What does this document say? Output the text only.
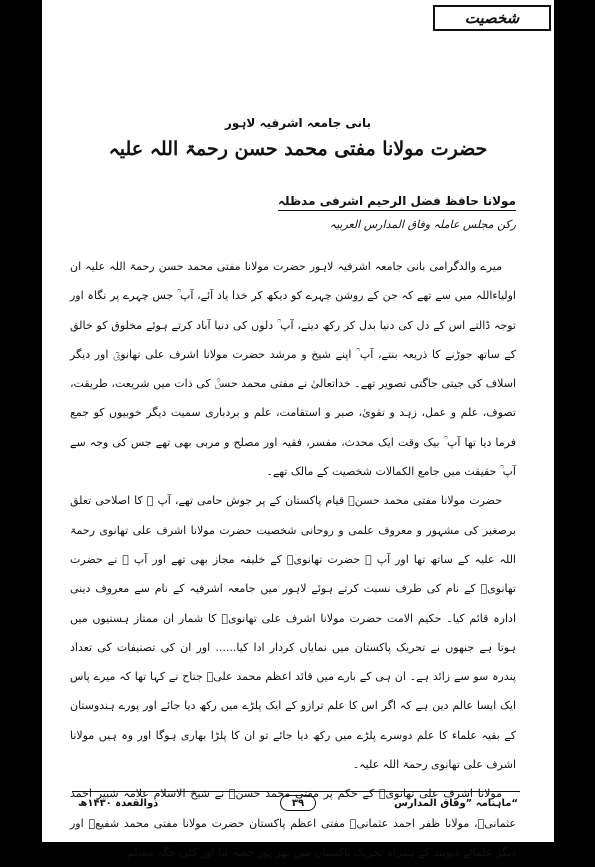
شخصیت
بانی جامعہ اشرفیہ لاہور
حضرت مولانا مفتی محمد حسن رحمۃ اللہ علیہ
مولانا حافظ فضل الرحیم اشرفی مدظلہ
رکن مجلس عاملہ وفاق المدارس العربیہ

میرے والدگرامی بانی جامعہ اشرفیہ لاہور حضرت مولانا مفتی محمد حسن رحمۃ اللہ علیہ ان اولیاءاللہ میں سے تھے کہ جن کے روشن چہرے کو دیکھ کر خدا یاد آئے، آپ ؒ جس چہرے پر نگاہ اور توجہ ڈالتے اس کے دل کی دنیا بدل کر رکھ دیتے، آپ ؒ دلوں کی دنیا آباد کرتے ہوئے مخلوق کو خالق کے ساتھ جوڑنے کا ذریعہ بنتے، آپ ؒ اپنے شیخ و مرشد حضرت مولانا اشرف علی تھانویؒ اور دیگر اسلاف کی جیتی جاگتی تصویر تھے۔ خداتعالیٰ نے مفتی محمد حسنؒ کی ذات میں شریعت، طریقت، تصوف، علم و عمل، زہد و تقویٰ، صبر و استقامت، علم و بردباری سمیت دیگر خوبیوں کو جمع فرما دیا تھا آپ ؒ بیک وقت ایک محدث، مفسر، فقیہ اور مصلح و مربی بھی تھے جس کی وجہ سے آپ ؒ حقیقت میں جامع الکمالات شخصیت کے مالک تھے۔

حضرت مولانا مفتی محمد حسنؒ قیام پاکستان کے پر جوش حامی تھے، آپ ؒ کا اصلاحی تعلق برصغیر کی مشہور و معروف علمی و روحانی شخصیت حضرت مولانا اشرف علی تھانوی رحمۃ اللہ علیہ کے ساتھ تھا اور آپ ؒ حضرت تھانویؒ کے خلیفہ مجاز بھی تھے اور آپ ؒ نے حضرت تھانویؒ کے نام کی طرف نسبت کرتے ہوئے لاہور میں جامعہ اشرفیہ کے نام سے معروف دینی ادارہ قائم کیا۔ حکیم الامت حضرت مولانا اشرف علی تھانویؒ کا شمار ان ممتاز ہستیوں میں ہوتا ہے جنھوں نے تحریک پاکستان میں نمایاں کردار ادا کیا...... اور ان کی تصنیفات کی تعداد پندرہ سو سے زائد ہے۔ ان ہی کے بارے میں قائد اعظم محمد علیؒ جناح نے کہا تھا کہ میرے پاس ایک ایسا عالم دین ہے کہ اگر اس کا علم ترازو کے ایک پلڑے میں رکھ دیا جائے اور پورے ہندوستان کے بقیہ علماء کا علم دوسرے پلڑے میں رکھ دیا جائے تو ان کا پلڑا بھاری ہوگا اور وہ ہیں مولانا اشرف علی تھانوی رحمۃ اللہ علیہ۔

مولانا اشرف علی تھانویؒ کے حکم پر مفتی محمد حسنؒ نے شیخ الاسلام علامہ شبیر احمد عثمانیؒ، مولانا ظفر احمد عثمانیؒ مفتی اعظم پاکستان حضرت مولانا مفتی محمد شفیعؒ اور دیگر علمائے دیوبند کے ہمراہ تحریک پاکستان میں بھر پور حصہ لیا اور کئی جگہ مسلم

ماہنامہ ”وفاق المدارس“
۳۹
ذوالقعدہ ۱۴۳۰ھ
